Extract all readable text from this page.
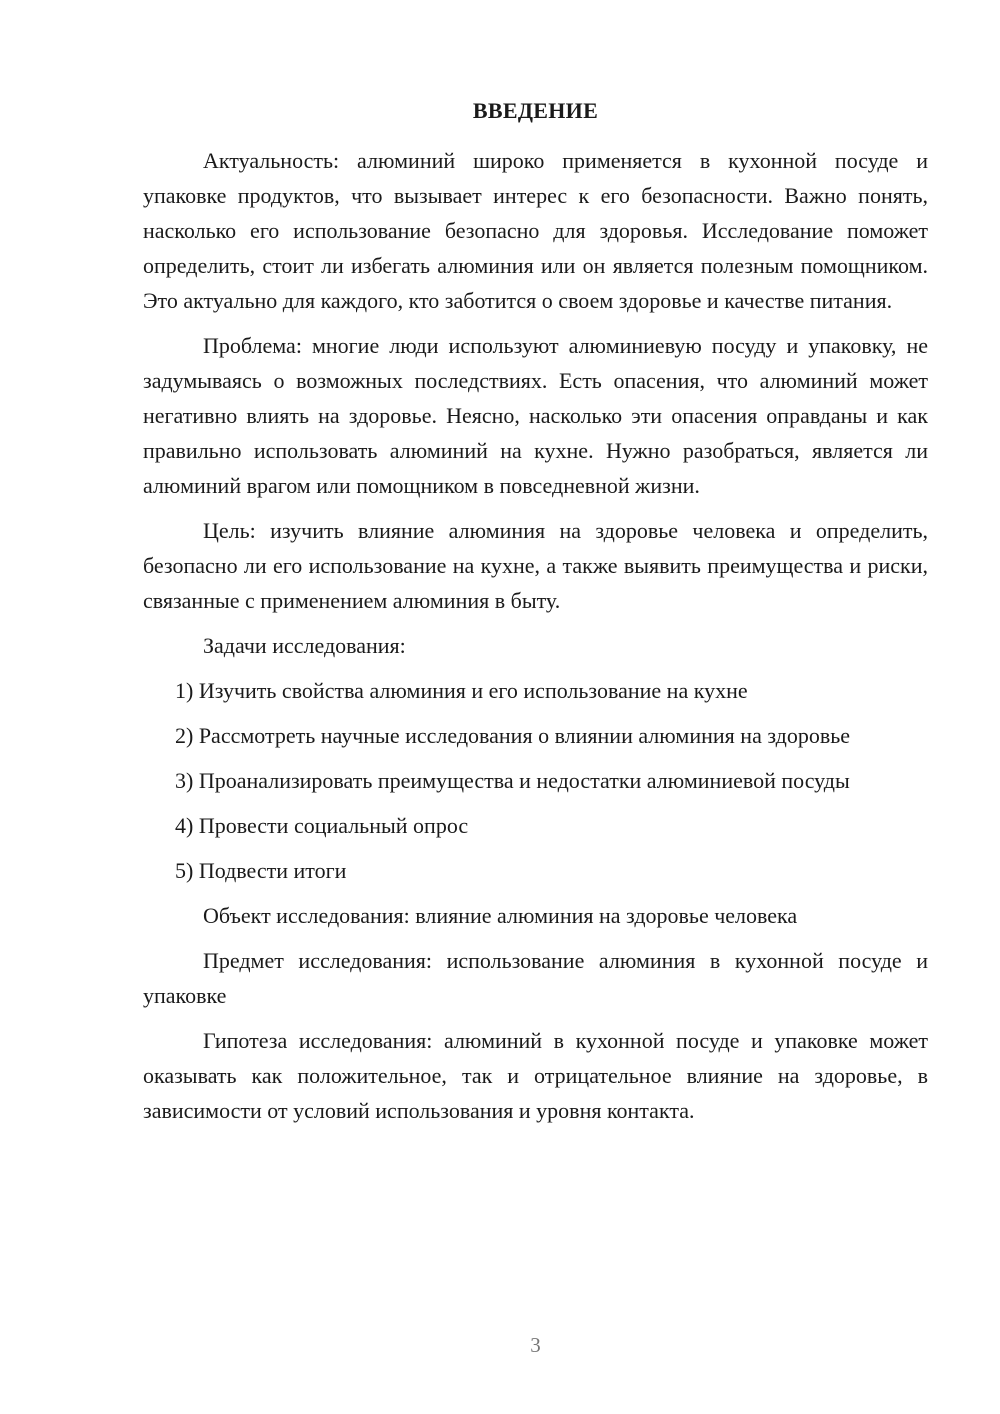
ВВЕДЕНИЕ

Актуальность: алюминий широко применяется в кухонной посуде и упаковке продуктов, что вызывает интерес к его безопасности. Важно понять, насколько его использование безопасно для здоровья. Исследование поможет определить, стоит ли избегать алюминия или он является полезным помощником. Это актуально для каждого, кто заботится о своем здоровье и качестве питания.

Проблема: многие люди используют алюминиевую посуду и упаковку, не задумываясь о возможных последствиях. Есть опасения, что алюминий может негативно влиять на здоровье. Неясно, насколько эти опасения оправданы и как правильно использовать алюминий на кухне. Нужно разобраться, является ли алюминий врагом или помощником в повседневной жизни.

Цель: изучить влияние алюминия на здоровье человека и определить, безопасно ли его использование на кухне, а также выявить преимущества и риски, связанные с применением алюминия в быту.

Задачи исследования:

1) Изучить свойства алюминия и его использование на кухне

2) Рассмотреть научные исследования о влиянии алюминия на здоровье

3) Проанализировать преимущества и недостатки алюминиевой посуды

4) Провести социальный опрос

5) Подвести итоги

Объект исследования: влияние алюминия на здоровье человека

Предмет исследования: использование алюминия в кухонной посуде и упаковке

Гипотеза исследования: алюминий в кухонной посуде и упаковке может оказывать как положительное, так и отрицательное влияние на здоровье, в зависимости от условий использования и уровня контакта.

3
